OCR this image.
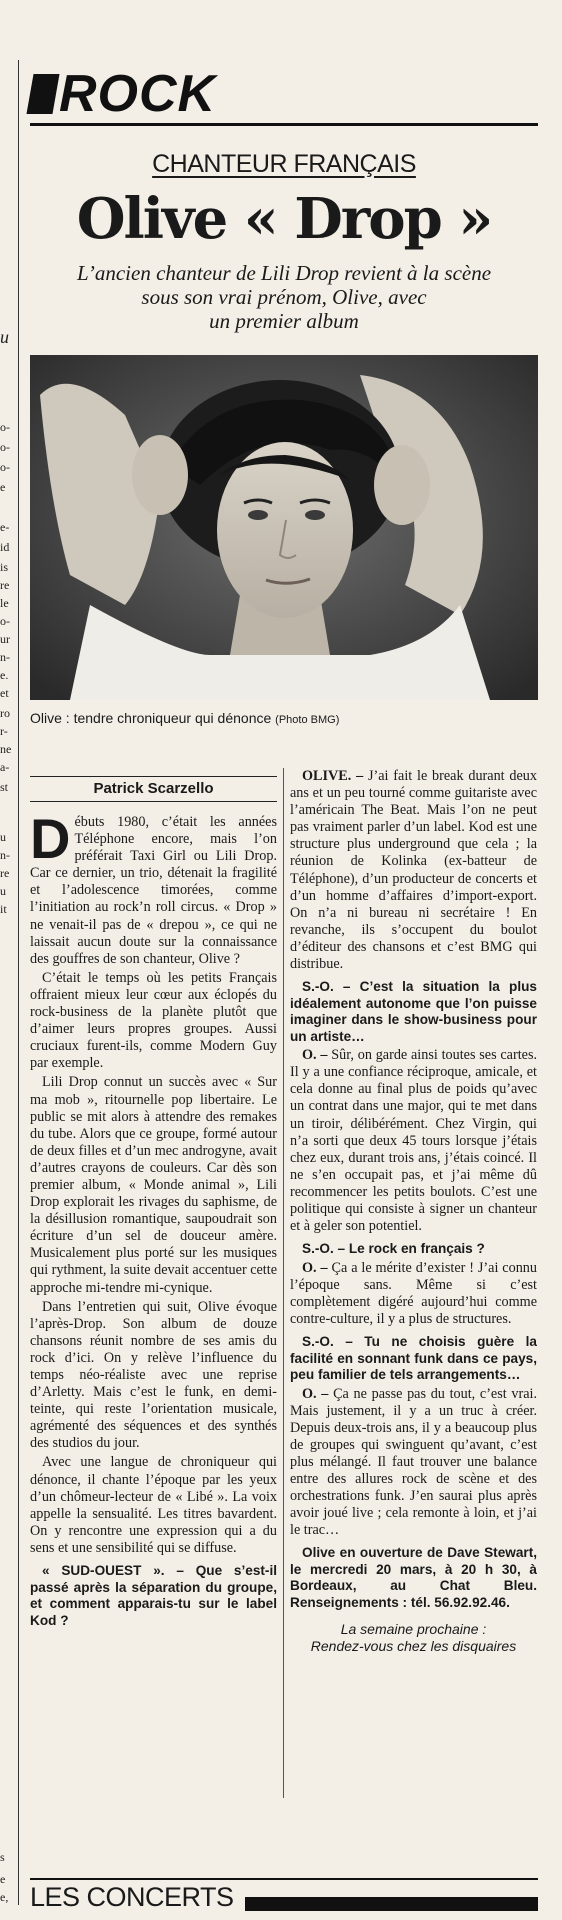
u
o-
o-
o-
e
e-
id
is
re
le
o-
ur
n-
e.
et
ro
r-
ne
a-
st
u
n-
re
u
it
s
e
e,
ROCK
CHANTEUR FRANÇAIS
Olive « Drop »
L’ancien chanteur de Lili Drop revient à la scène
sous son vrai prénom, Olive, avec
un premier album
Olive : tendre chroniqueur qui dénonce (Photo BMG)
Patrick Scarzello

Débuts 1980, c’était les années Téléphone encore, mais l’on préférait Taxi Girl ou Lili Drop. Car ce dernier, un trio, détenait la fragilité et l’adolescence timorées, comme l’initiation au rock’n roll circus. « Drop » ne venait-il pas de « drepou », ce qui ne laissait aucun doute sur la connaissance des gouffres de son chanteur, Olive ?

C’était le temps où les petits Français offraient mieux leur cœur aux éclopés du rock-business de la planète plutôt que d’aimer leurs propres groupes. Aussi cruciaux furent-ils, comme Modern Guy par exemple.

Lili Drop connut un succès avec « Sur ma mob », ritournelle pop libertaire. Le public se mit alors à attendre des remakes du tube. Alors que ce groupe, formé autour de deux filles et d’un mec androgyne, avait d’autres crayons de couleurs. Car dès son premier album, « Monde animal », Lili Drop explorait les rivages du saphisme, de la désillusion romantique, saupoudrait son écriture d’un sel de douceur amère. Musicalement plus porté sur les musiques qui rythment, la suite devait accentuer cette approche mi-tendre mi-cynique.

Dans l’entretien qui suit, Olive évoque l’après-Drop. Son album de douze chansons réunit nombre de ses amis du rock d’ici. On y relève l’influence du temps néo-réaliste avec une reprise d’Arletty. Mais c’est le funk, en demi-teinte, qui reste l’orientation musicale, agrémenté des séquences et des synthés des studios du jour.

Avec une langue de chroniqueur qui dénonce, il chante l’époque par les yeux d’un chômeur-lecteur de « Libé ». La voix appelle la sensualité. Les titres bavardent. On y rencontre une expression qui a du sens et une sensibilité qui se diffuse.

« SUD-OUEST ». – Que s’est-il passé après la séparation du groupe, et comment apparais-tu sur le label Kod ?

OLIVE. – J’ai fait le break durant deux ans et un peu tourné comme guitariste avec l’américain The Beat. Mais l’on ne peut pas vraiment parler d’un label. Kod est une structure plus underground que cela ; la réunion de Kolinka (ex-batteur de Téléphone), d’un producteur de concerts et d’un homme d’affaires d’import-export. On n’a ni bureau ni secrétaire ! En revanche, ils s’occupent du boulot d’éditeur des chansons et c’est BMG qui distribue.

S.-O. – C’est la situation la plus idéalement autonome que l’on puisse imaginer dans le show-business pour un artiste…

O. – Sûr, on garde ainsi toutes ses cartes. Il y a une confiance réciproque, amicale, et cela donne au final plus de poids qu’avec un contrat dans une major, qui te met dans un tiroir, délibérément. Chez Virgin, qui n’a sorti que deux 45 tours lorsque j’étais chez eux, durant trois ans, j’étais coincé. Il ne s’en occupait pas, et j’ai même dû recommencer les petits boulots. C’est une politique qui consiste à signer un chanteur et à geler son potentiel.

S.-O. – Le rock en français ?

O. – Ça a le mérite d’exister ! J’ai connu l’époque sans. Même si c’est complètement digéré aujourd’hui comme contre-culture, il y a plus de structures.

S.-O. – Tu ne choisis guère la facilité en sonnant funk dans ce pays, peu familier de tels arrangements…

O. – Ça ne passe pas du tout, c’est vrai. Mais justement, il y a un truc à créer. Depuis deux-trois ans, il y a beaucoup plus de groupes qui swinguent qu’avant, c’est plus mélangé. Il faut trouver une balance entre des allures rock de scène et des orchestrations funk. J’en saurai plus après avoir joué live ; cela remonte à loin, et j’ai le trac…

Olive en ouverture de Dave Stewart, le mercredi 20 mars, à 20 h 30, à Bordeaux, au Chat Bleu. Renseignements : tél. 56.92.92.46.

La semaine prochaine :
Rendez-vous chez les disquaires
LES CONCERTS
